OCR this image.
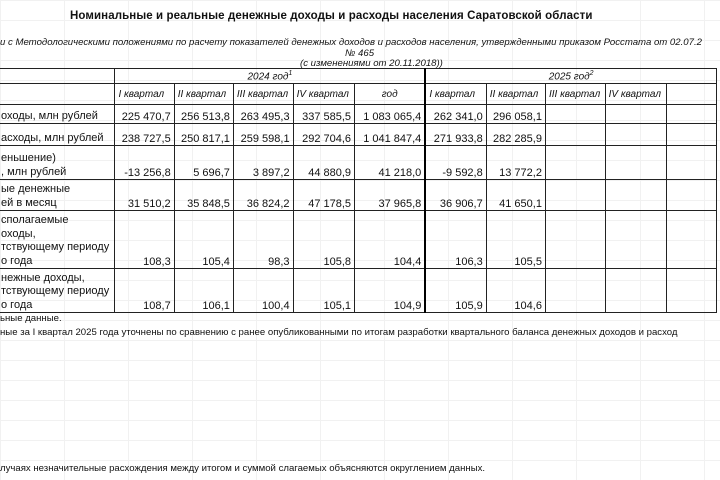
Номинальные и реальные денежные доходы и расходы населения Саратовской области
и с Методологическими положениями по расчету показателей денежных доходов и расходов населения, утвержденными приказом Росстата от 02.07.2
№ 465
(с изменениями от 20.11.2018))
	2024 год$^1$					2025 год$^2$
	I квартал	II квартал	III квартал	IV квартал	год	I квартал	II квартал	III квартал	IV квартал	

оходы, млн рублей	225 470,7	256 513,8	263 495,3	337 585,5	1 083 065,4	262 341,0	296 058,1			

асходы, млн рублей	238 727,5	250 817,1	259 598,1	292 704,6	1 041 847,4	271 933,8	282 285,9			

еньшение)
, млн рублей	-13 256,8	5 696,7	3 897,2	44 880,9	41 218,0	-9 592,8	13 772,2			

ые денежные
ей в месяц	31 510,2	35 848,5	36 824,2	47 178,5	37 965,8	36 906,7	41 650,1			

сполагаемые
оходы,
тствующему периоду
о года	108,3	105,4	98,3	105,8	104,4	106,3	105,5			

нежные доходы,
тствующему периоду
о года	108,7	106,1	100,4	105,1	104,9	105,9	104,6			
ьные данные.
ные за I квартал 2025 года уточнены по сравнению с ранее опубликованными по итогам разработки квартального баланса денежных доходов и расход
лучаях незначительные расхождения между итогом и суммой слагаемых объясняются округлением данных.
